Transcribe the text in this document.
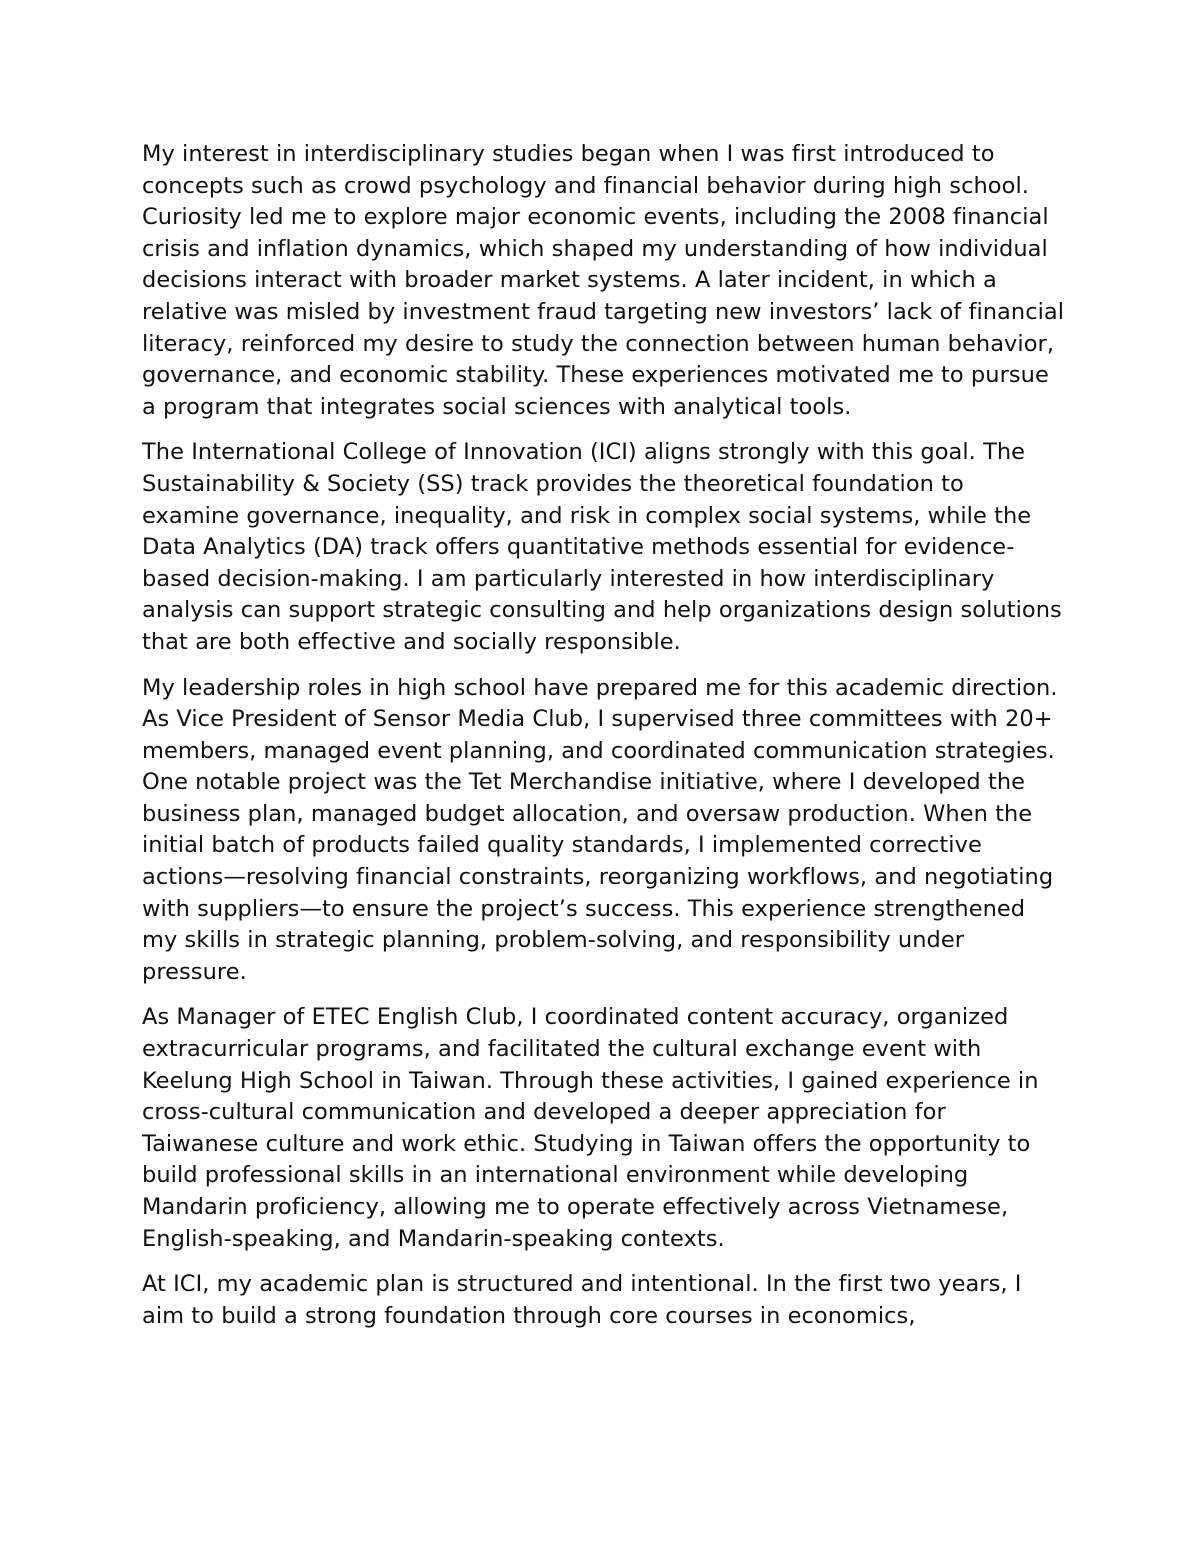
My interest in interdisciplinary studies began when I was first introduced to concepts such as crowd psychology and financial behavior during high school. Curiosity led me to explore major economic events, including the 2008 financial crisis and inflation dynamics, which shaped my understanding of how individual decisions interact with broader market systems. A later incident, in which a relative was misled by investment fraud targeting new investors’ lack of financial literacy, reinforced my desire to study the connection between human behavior, governance, and economic stability. These experiences motivated me to pursue a program that integrates social sciences with analytical tools.

The International College of Innovation (ICI) aligns strongly with this goal. The Sustainability & Society (SS) track provides the theoretical foundation to examine governance, inequality, and risk in complex social systems, while the Data Analytics (DA) track offers quantitative methods essential for evidence-based decision-making. I am particularly interested in how interdisciplinary analysis can support strategic consulting and help organizations design solutions that are both effective and socially responsible.

My leadership roles in high school have prepared me for this academic direction. As Vice President of Sensor Media Club, I supervised three committees with 20+ members, managed event planning, and coordinated communication strategies. One notable project was the Tet Merchandise initiative, where I developed the business plan, managed budget allocation, and oversaw production. When the initial batch of products failed quality standards, I implemented corrective actions—resolving financial constraints, reorganizing workflows, and negotiating with suppliers—to ensure the project’s success. This experience strengthened my skills in strategic planning, problem-solving, and responsibility under pressure.

As Manager of ETEC English Club, I coordinated content accuracy, organized extracurricular programs, and facilitated the cultural exchange event with Keelung High School in Taiwan. Through these activities, I gained experience in cross-cultural communication and developed a deeper appreciation for Taiwanese culture and work ethic. Studying in Taiwan offers the opportunity to build professional skills in an international environment while developing Mandarin proficiency, allowing me to operate effectively across Vietnamese, English-speaking, and Mandarin-speaking contexts.

At ICI, my academic plan is structured and intentional. In the first two years, I aim to build a strong foundation through core courses in economics,
